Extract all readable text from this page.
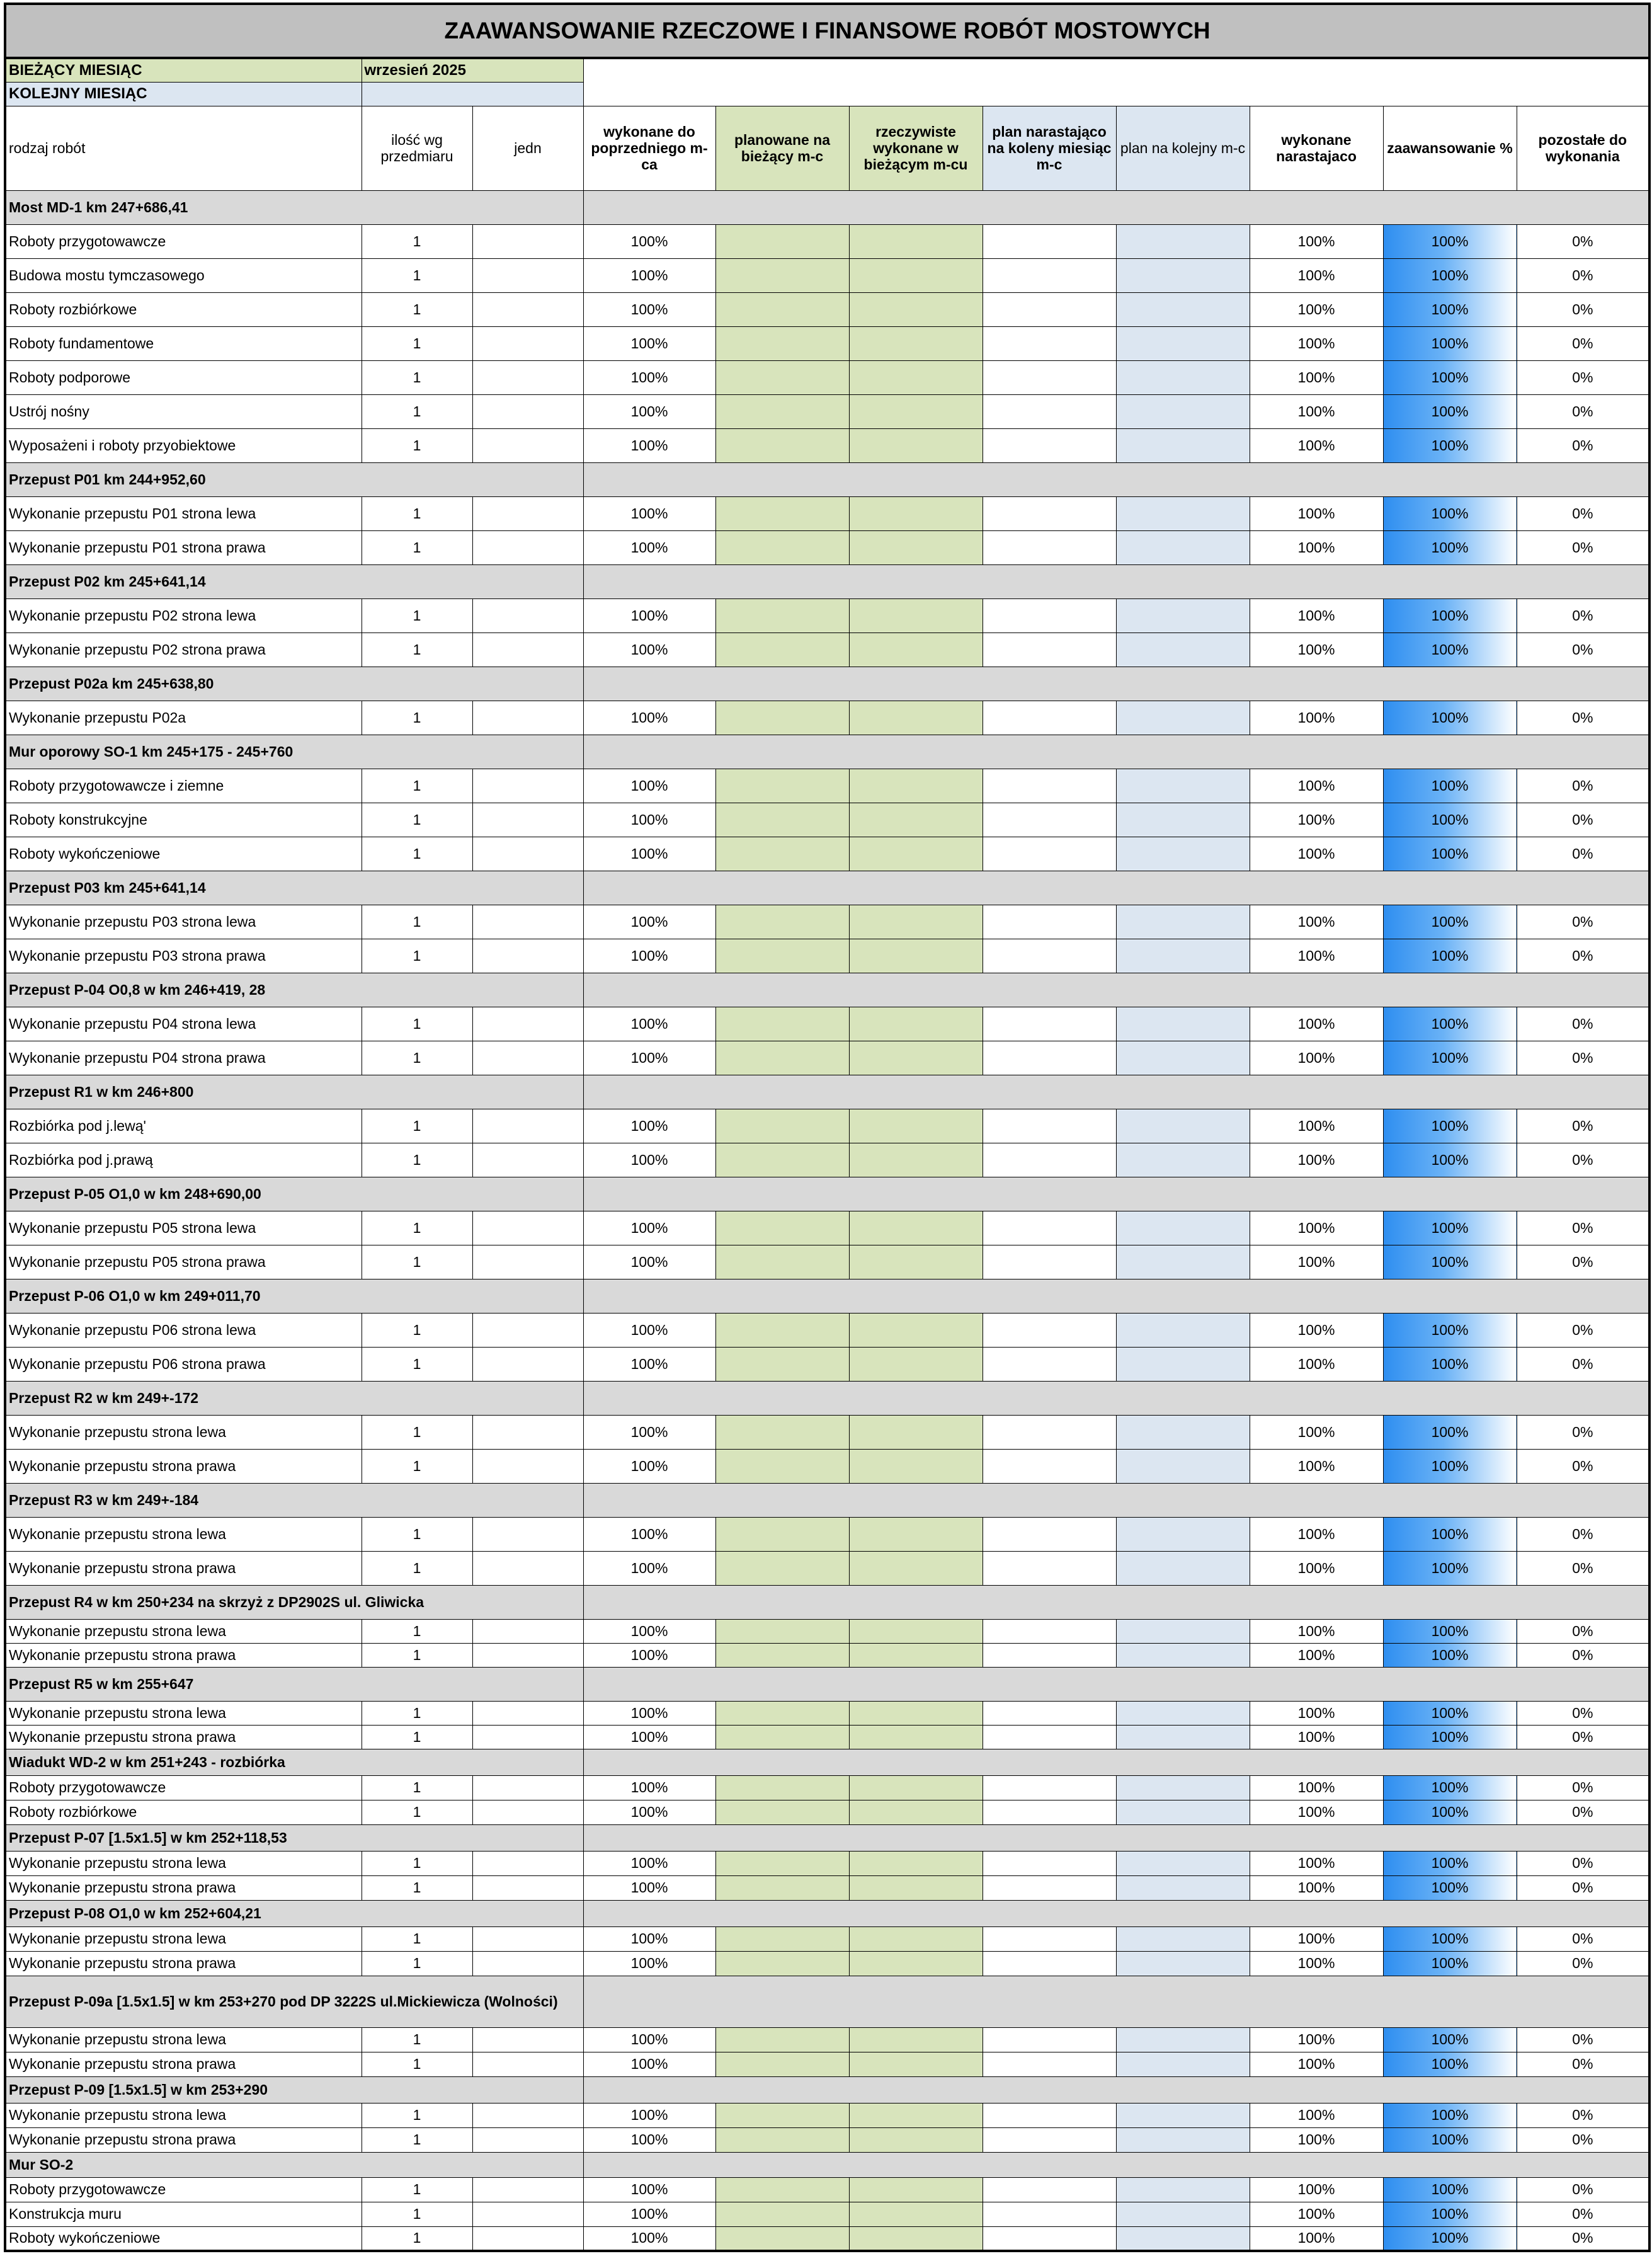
ZAAWANSOWANIE RZECZOWE I FINANSOWE ROBÓT MOSTOWYCH										
BIEŻĄCY MIESIĄC	wrzesień 2025									
KOLEJNY MIESIĄC										
rodzaj robót	ilość wg przedmiaru	jedn	wykonane do poprzedniego m-ca	planowane na bieżący m-c	rzeczywiste wykonane w bieżącym m-cu	plan narastająco na koleny miesiąc m-c	plan na kolejny m-c	wykonane narastajaco	zaawansowanie %	pozostałe do wykonania
Most MD-1 km 247+686,41										
Roboty przygotowawcze	1		100%					100%	100%	0%
Budowa mostu tymczasowego	1		100%					100%	100%	0%
Roboty rozbiórkowe	1		100%					100%	100%	0%
Roboty fundamentowe	1		100%					100%	100%	0%
Roboty podporowe	1		100%					100%	100%	0%
Ustrój nośny	1		100%					100%	100%	0%
Wyposażeni i roboty przyobiektowe	1		100%					100%	100%	0%
Przepust P01 km 244+952,60										
Wykonanie przepustu P01 strona lewa	1		100%					100%	100%	0%
Wykonanie przepustu P01 strona prawa	1		100%					100%	100%	0%
Przepust P02 km 245+641,14										
Wykonanie przepustu P02 strona lewa	1		100%					100%	100%	0%
Wykonanie przepustu P02 strona prawa	1		100%					100%	100%	0%
Przepust P02a km 245+638,80										
Wykonanie przepustu P02a	1		100%					100%	100%	0%
Mur oporowy SO-1 km 245+175 - 245+760										
Roboty przygotowawcze i ziemne	1		100%					100%	100%	0%
Roboty konstrukcyjne	1		100%					100%	100%	0%
Roboty wykończeniowe	1		100%					100%	100%	0%
Przepust P03 km 245+641,14										
Wykonanie przepustu P03 strona lewa	1		100%					100%	100%	0%
Wykonanie przepustu P03 strona prawa	1		100%					100%	100%	0%
Przepust P-04 O0,8 w km 246+419, 28										
Wykonanie przepustu P04 strona lewa	1		100%					100%	100%	0%
Wykonanie przepustu P04 strona prawa	1		100%					100%	100%	0%
Przepust R1 w km 246+800										
Rozbiórka pod j.lewą'	1		100%					100%	100%	0%
Rozbiórka pod j.prawą	1		100%					100%	100%	0%
Przepust P-05 O1,0 w km 248+690,00										
Wykonanie przepustu P05 strona lewa	1		100%					100%	100%	0%
Wykonanie przepustu P05 strona prawa	1		100%					100%	100%	0%
Przepust P-06 O1,0 w km 249+011,70										
Wykonanie przepustu P06 strona lewa	1		100%					100%	100%	0%
Wykonanie przepustu P06 strona prawa	1		100%					100%	100%	0%
Przepust R2 w km 249+-172										
Wykonanie przepustu strona lewa	1		100%					100%	100%	0%
Wykonanie przepustu strona prawa	1		100%					100%	100%	0%
Przepust R3 w km 249+-184										
Wykonanie przepustu strona lewa	1		100%					100%	100%	0%
Wykonanie przepustu strona prawa	1		100%					100%	100%	0%
Przepust R4 w km 250+234 na skrzyż z DP2902S ul. Gliwicka										
Wykonanie przepustu strona lewa	1		100%					100%	100%	0%
Wykonanie przepustu strona prawa	1		100%					100%	100%	0%
Przepust R5 w km 255+647										
Wykonanie przepustu strona lewa	1		100%					100%	100%	0%
Wykonanie przepustu strona prawa	1		100%					100%	100%	0%
Wiadukt WD-2 w km 251+243 - rozbiórka										
Roboty przygotowawcze	1		100%					100%	100%	0%
Roboty rozbiórkowe	1		100%					100%	100%	0%
Przepust P-07 [1.5x1.5] w km 252+118,53										
Wykonanie przepustu strona lewa	1		100%					100%	100%	0%
Wykonanie przepustu strona prawa	1		100%					100%	100%	0%
Przepust P-08 O1,0 w km 252+604,21										
Wykonanie przepustu strona lewa	1		100%					100%	100%	0%
Wykonanie przepustu strona prawa	1		100%					100%	100%	0%
Przepust P-09a [1.5x1.5] w km 253+270 pod DP 3222S ul.Mickiewicza (Wolności)										
Wykonanie przepustu strona lewa	1		100%					100%	100%	0%
Wykonanie przepustu strona prawa	1		100%					100%	100%	0%
Przepust P-09 [1.5x1.5] w km 253+290										
Wykonanie przepustu strona lewa	1		100%					100%	100%	0%
Wykonanie przepustu strona prawa	1		100%					100%	100%	0%
Mur SO-2										
Roboty przygotowawcze	1		100%					100%	100%	0%
Konstrukcja muru	1		100%					100%	100%	0%
Roboty wykończeniowe	1		100%					100%	100%	0%
